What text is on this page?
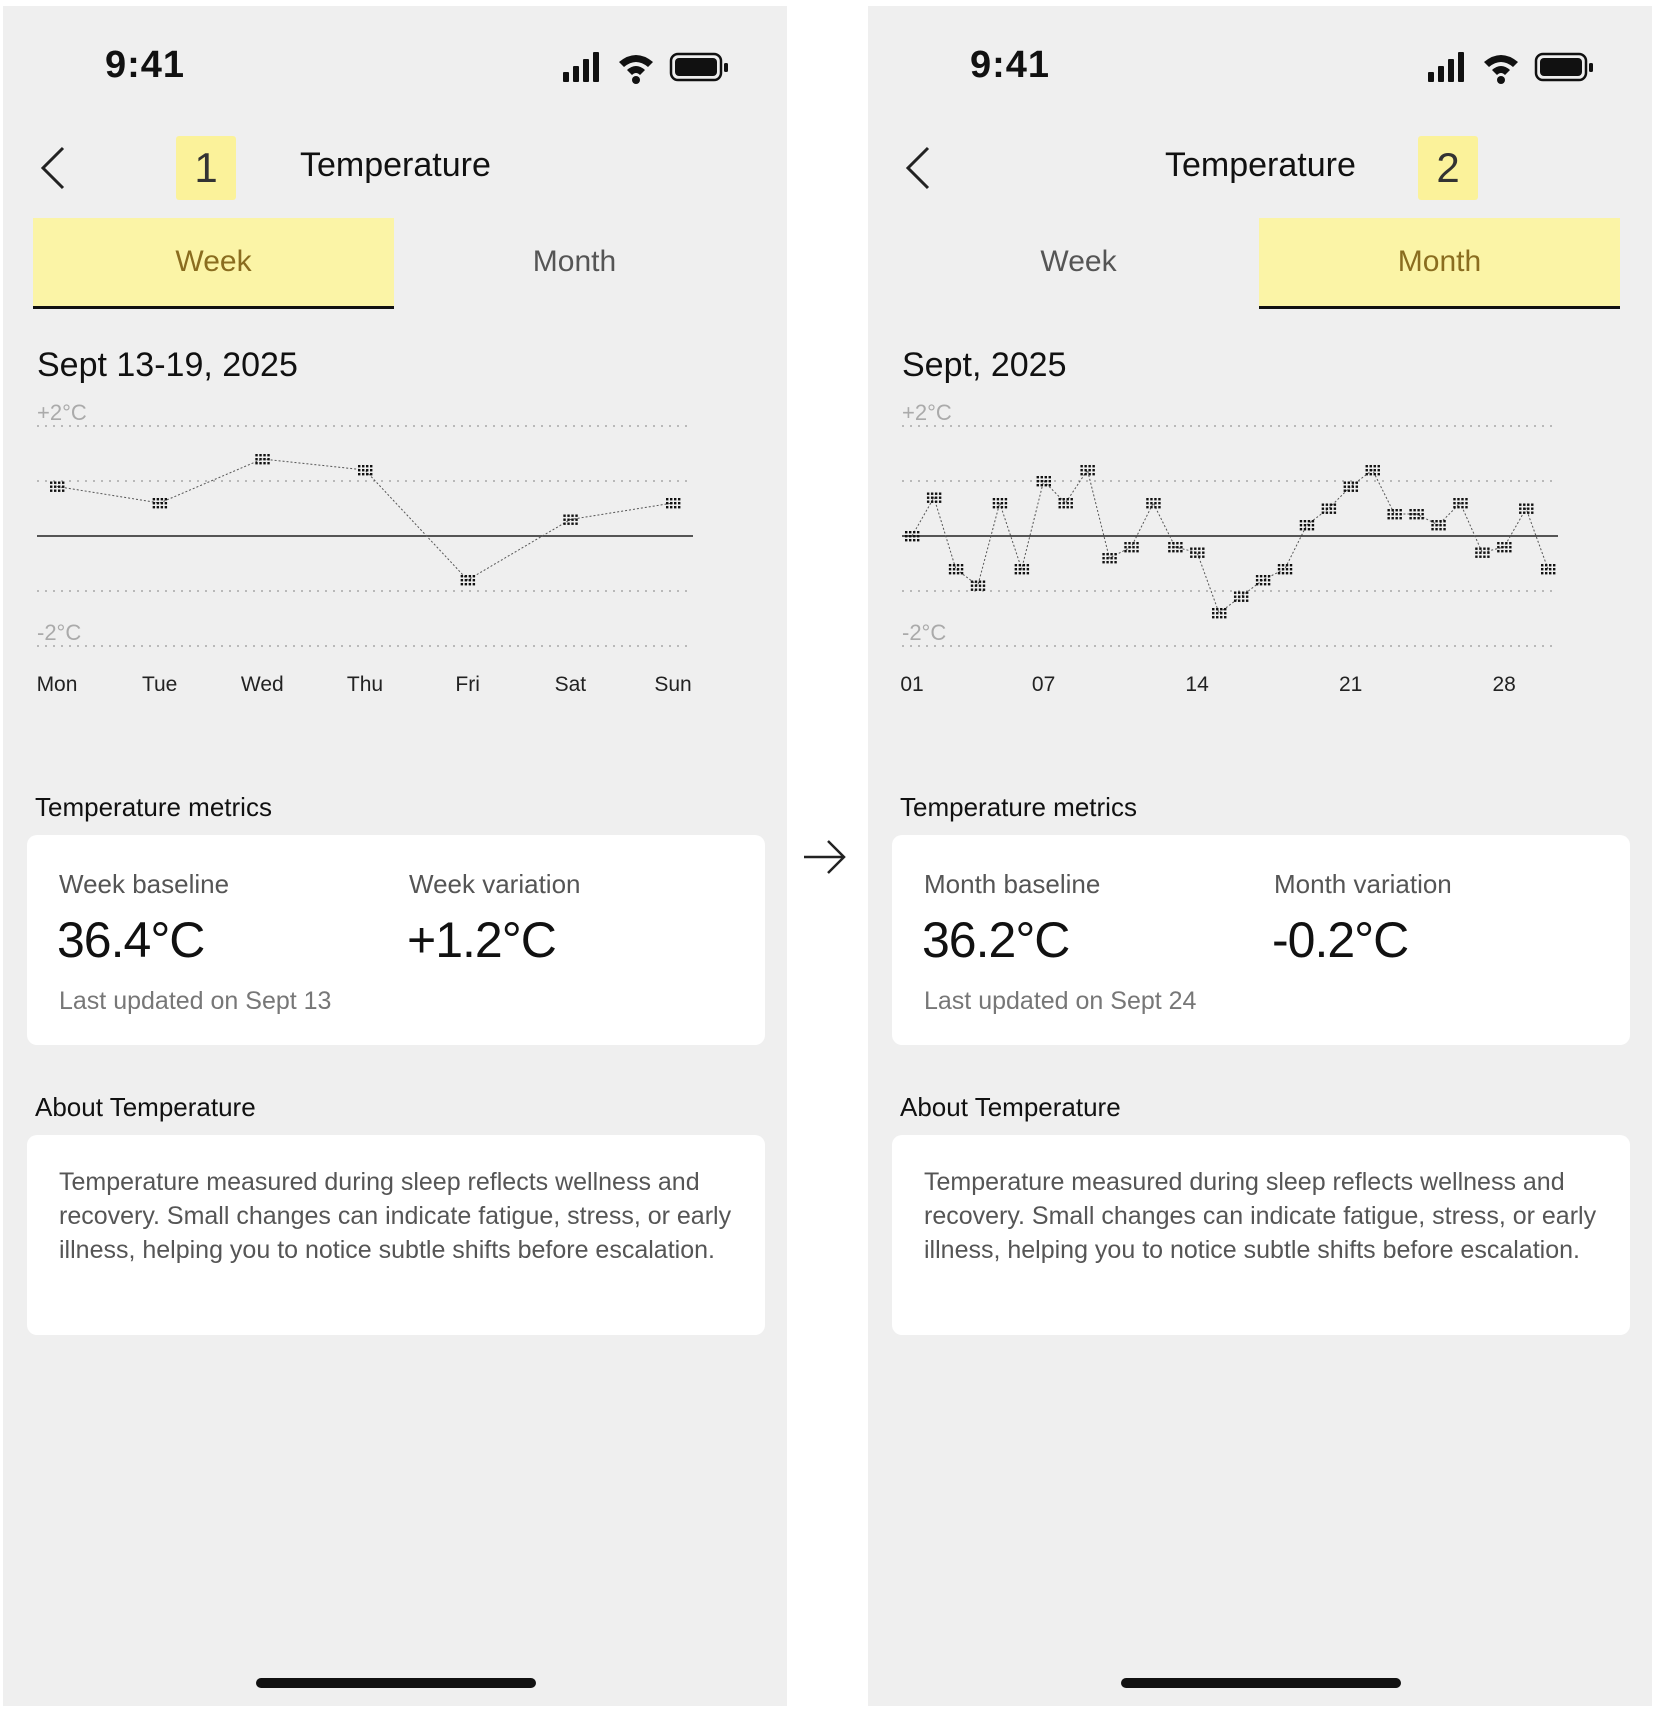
9:41
1	Temperature
Week	Month
Sept 13-19, 2025
+2°C
-2°C
Mon	Tue	Wed	Thu	Fri	Sat	Sun
Temperature metrics
Week baseline
36.4°C
Week variation
+1.2°C
Last updated on Sept 13
About Temperature
Temperature measured during sleep reflects wellness and recovery. Small changes can indicate fatigue, stress, or early illness, helping you to notice subtle shifts before escalation.
9:41
Temperature	2
Week	Month
Sept, 2025
+2°C
-2°C
01	07	14	21	28
Temperature metrics
Month baseline
36.2°C
Month variation
-0.2°C
Last updated on Sept 24
About Temperature
Temperature measured during sleep reflects wellness and recovery. Small changes can indicate fatigue, stress, or early illness, helping you to notice subtle shifts before escalation.
